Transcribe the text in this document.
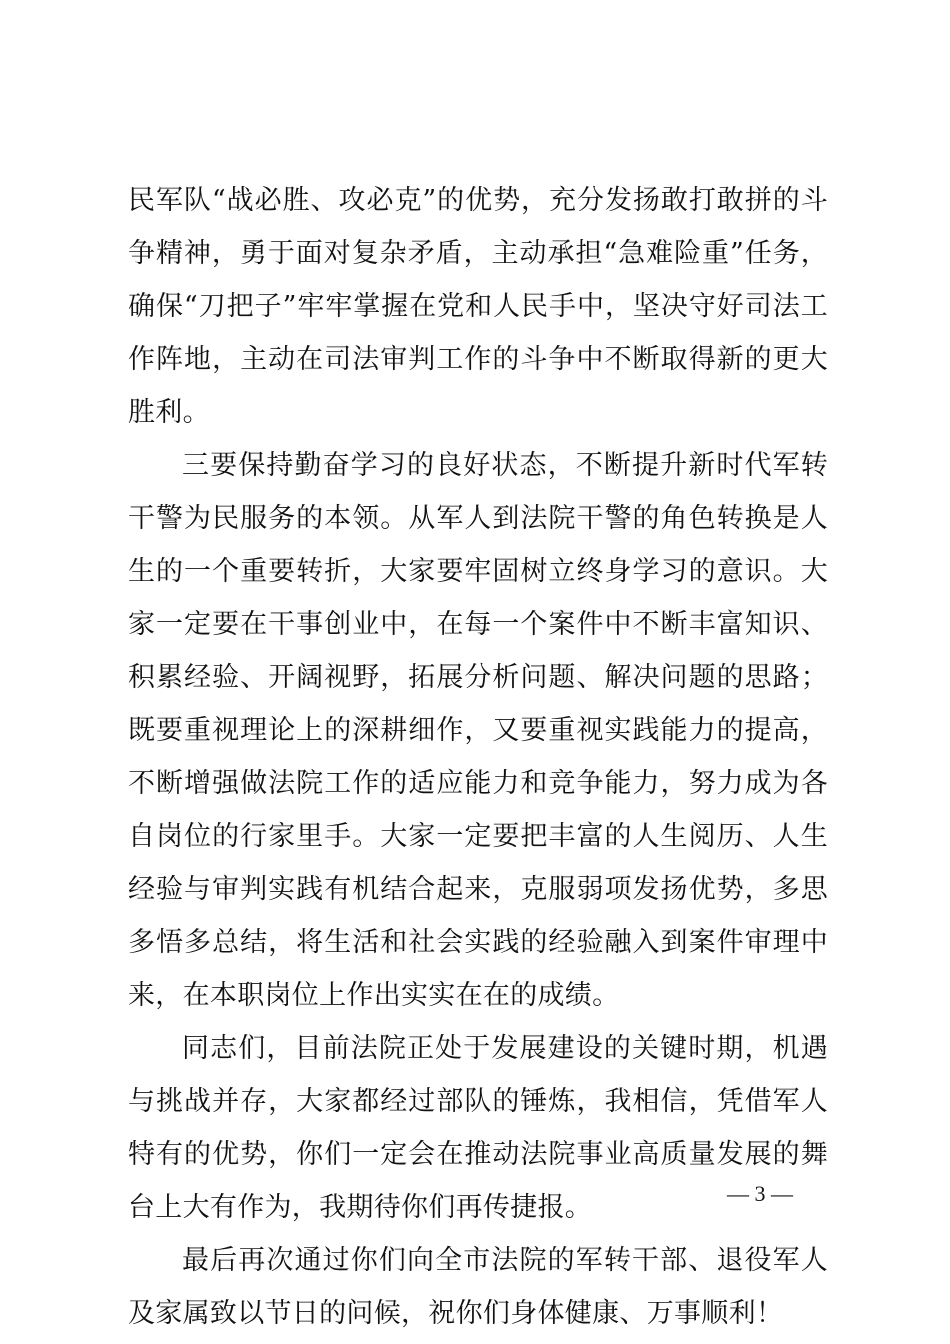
民军队“战必胜、攻必克”的优势，充分发扬敢打敢拼的斗争精神，勇于面对复杂矛盾，主动承担“急难险重”任务，确保“刀把子”牢牢掌握在党和人民手中，坚决守好司法工作阵地，主动在司法审判工作的斗争中不断取得新的更大胜利。

三要保持勤奋学习的良好状态，不断提升新时代军转干警为民服务的本领。从军人到法院干警的角色转换是人生的一个重要转折，大家要牢固树立终身学习的意识。大家一定要在干事创业中，在每一个案件中不断丰富知识、积累经验、开阔视野，拓展分析问题、解决问题的思路；既要重视理论上的深耕细作，又要重视实践能力的提高，不断增强做法院工作的适应能力和竞争能力，努力成为各自岗位的行家里手。大家一定要把丰富的人生阅历、人生经验与审判实践有机结合起来，克服弱项发扬优势，多思多悟多总结，将生活和社会实践的经验融入到案件审理中来，在本职岗位上作出实实在在的成绩。

同志们，目前法院正处于发展建设的关键时期，机遇与挑战并存，大家都经过部队的锤炼，我相信，凭借军人特有的优势，你们一定会在推动法院事业高质量发展的舞台上大有作为，我期待你们再传捷报。

最后再次通过你们向全市法院的军转干部、退役军人及家属致以节日的问候，祝你们身体健康、万事顺利！

— 3 —
